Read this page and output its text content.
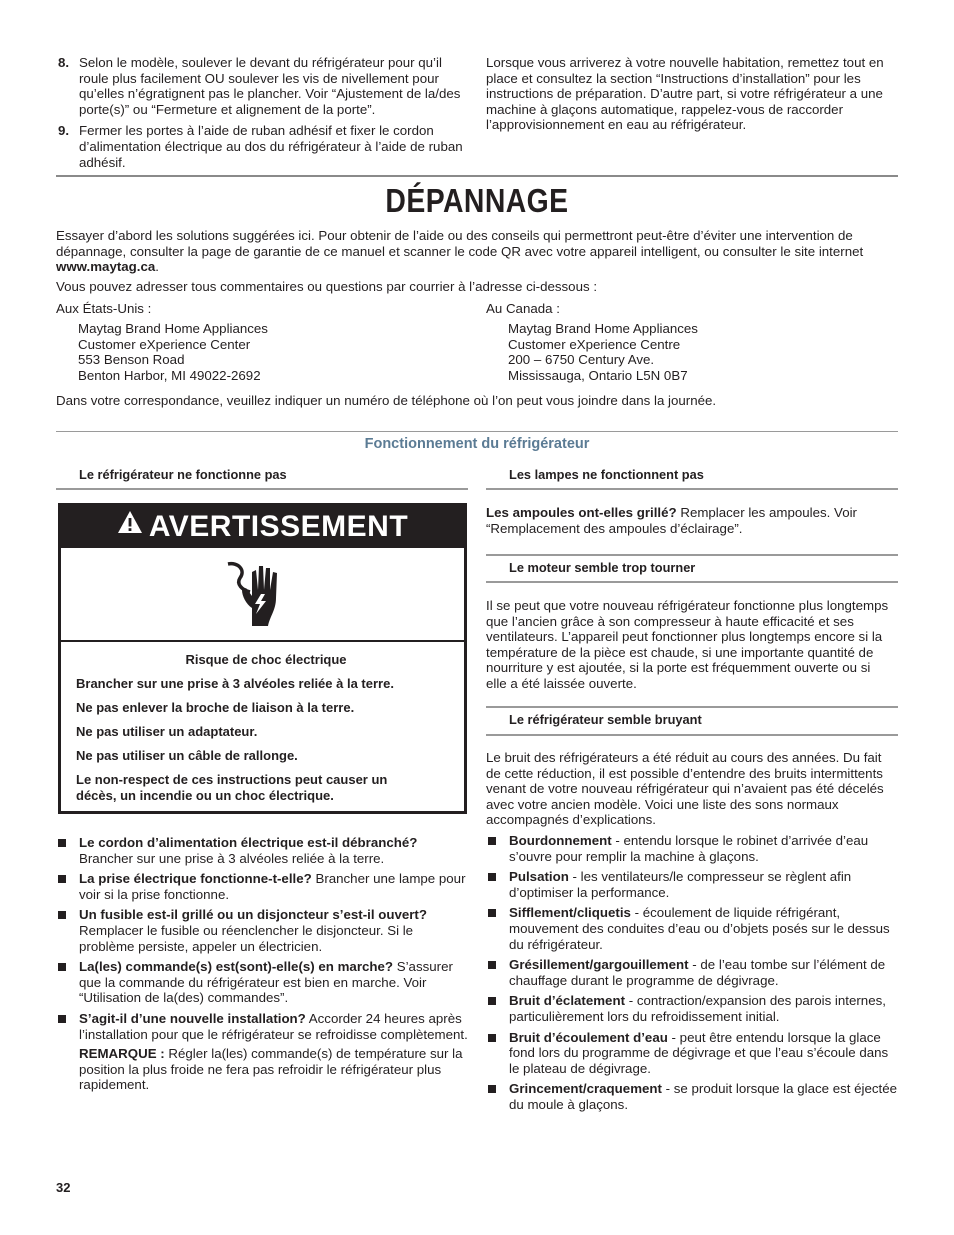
8. Selon le modèle, soulever le devant du réfrigérateur pour qu’il roule plus facilement OU soulever les vis de nivellement pour qu’elles n’égratignent pas le plancher. Voir “Ajustement de la/des porte(s)” ou “Fermeture et alignement de la porte”.
9. Fermer les portes à l’aide de ruban adhésif et fixer le cordon d’alimentation électrique au dos du réfrigérateur à l’aide de ruban adhésif.

Lorsque vous arriverez à votre nouvelle habitation, remettez tout en place et consultez la section “Instructions d’installation” pour les instructions de préparation. D’autre part, si votre réfrigérateur a une machine à glaçons automatique, rappelez-vous de raccorder l’approvisionnement en eau au réfrigérateur.

DÉPANNAGE

Essayer d’abord les solutions suggérées ici. Pour obtenir de l’aide ou des conseils qui permettront peut-être d’éviter une intervention de dépannage, consulter la page de garantie de ce manuel et scanner le code QR avec votre appareil intelligent, ou consulter le site internet www.maytag.ca.

Vous pouvez adresser tous commentaires ou questions par courrier à l’adresse ci-dessous :

Aux États-Unis :

Maytag Brand Home Appliances

Customer eXperience Center

553 Benson Road

Benton Harbor, MI 49022-2692

Au Canada :

Maytag Brand Home Appliances

Customer eXperience Centre

200 – 6750 Century Ave.

Mississauga, Ontario L5N 0B7

Dans votre correspondance, veuillez indiquer un numéro de téléphone où l’on peut vous joindre dans la journée.

Fonctionnement du réfrigérateur
Le réfrigérateur ne fonctionne pas
AVERTISSEMENT

Risque de choc électrique

Brancher sur une prise à 3 alvéoles reliée à la terre.

Ne pas enlever la broche de liaison à la terre.

Ne pas utiliser un adaptateur.

Ne pas utiliser un câble de rallonge.

Le non-respect de ces instructions peut causer un décès, un incendie ou un choc électrique.

Le cordon d’alimentation électrique est-il débranché? Brancher sur une prise à 3 alvéoles reliée à la terre.
La prise électrique fonctionne-t-elle? Brancher une lampe pour voir si la prise fonctionne.
Un fusible est-il grillé ou un disjoncteur s’est-il ouvert? Remplacer le fusible ou réenclencher le disjoncteur. Si le problème persiste, appeler un électricien.
La(les) commande(s) est(sont)-elle(s) en marche? S’assurer que la commande du réfrigérateur est bien en marche. Voir “Utilisation de la(des) commandes”.
S’agit-il d’une nouvelle installation? Accorder 24 heures après l’installation pour que le réfrigérateur se refroidisse complètement.

REMARQUE : Régler la(les) commande(s) de température sur la position la plus froide ne fera pas refroidir le réfrigérateur plus rapidement.

Les lampes ne fonctionnent pas

Les ampoules ont-elles grillé? Remplacer les ampoules. Voir “Remplacement des ampoules d’éclairage”.

Le moteur semble trop tourner

Il se peut que votre nouveau réfrigérateur fonctionne plus longtemps que l’ancien grâce à son compresseur à haute efficacité et ses ventilateurs. L’appareil peut fonctionner plus longtemps encore si la température de la pièce est chaude, si une importante quantité de nourriture y est ajoutée, si la porte est fréquemment ouverte ou si elle a été laissée ouverte.

Le réfrigérateur semble bruyant

Le bruit des réfrigérateurs a été réduit au cours des années. Du fait de cette réduction, il est possible d’entendre des bruits intermittents venant de votre nouveau réfrigérateur qui n’avaient pas été décelés avec votre ancien modèle. Voici une liste des sons normaux accompagnés d’explications.

Bourdonnement - entendu lorsque le robinet d’arrivée d’eau s’ouvre pour remplir la machine à glaçons.
Pulsation - les ventilateurs/le compresseur se règlent afin d’optimiser la performance.
Sifflement/cliquetis - écoulement de liquide réfrigérant, mouvement des conduites d’eau ou d’objets posés sur le dessus du réfrigérateur.
Grésillement/gargouillement - de l’eau tombe sur l’élément de chauffage durant le programme de dégivrage.
Bruit d’éclatement - contraction/expansion des parois internes, particulièrement lors du refroidissement initial.
Bruit d’écoulement d’eau - peut être entendu lorsque la glace fond lors du programme de dégivrage et que l’eau s’écoule dans le plateau de dégivrage.
Grincement/craquement - se produit lorsque la glace est éjectée du moule à glaçons.
32
